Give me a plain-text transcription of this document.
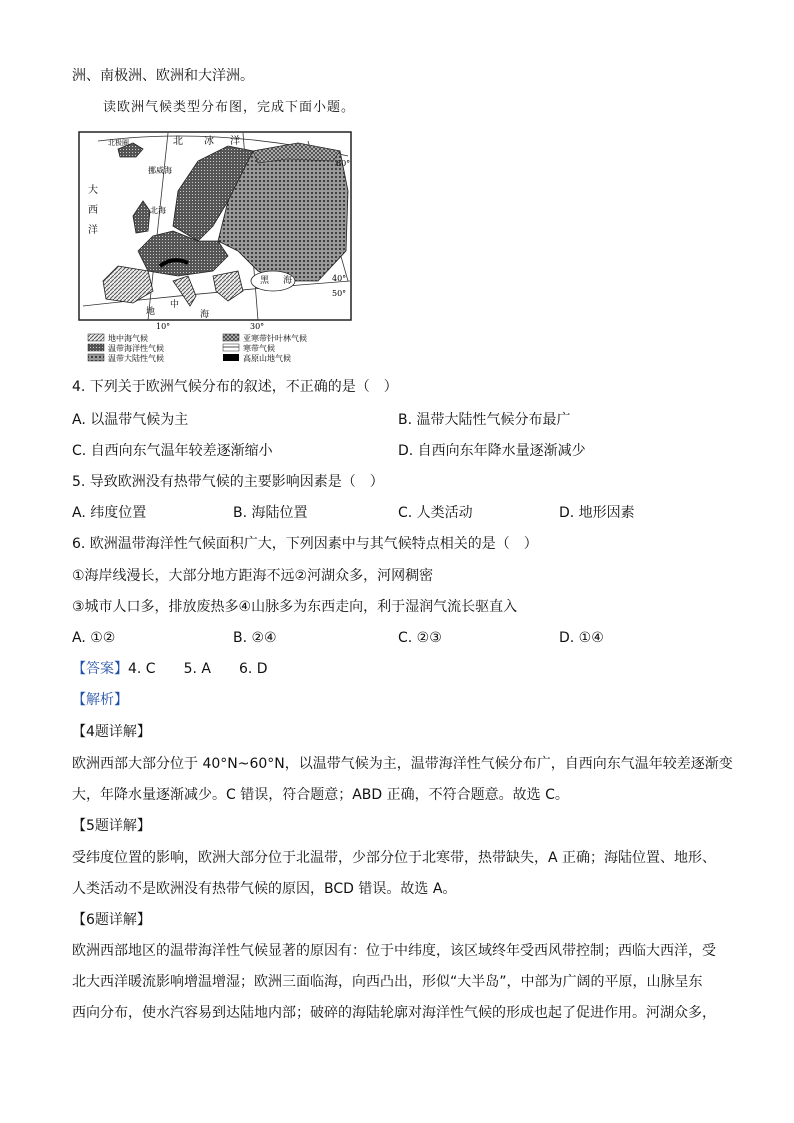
洲、南极洲、欧洲和大洋洲。
读欧洲气候类型分布图，完成下面小题。
北 冰 洋
北极圈
挪威海
大
西
洋
北海
黑 海
地
中
海
60°
40°
50°
10°	30°
地中海气候
温带海洋性气候
温带大陆性气候
亚寒带针叶林气候
寒带气候
高原山地气候
4. 下列关于欧洲气候分布的叙述，不正确的是（　）
A. 以温带气候为主	B. 温带大陆性气候分布最广
C. 自西向东气温年较差逐渐缩小	D. 自西向东年降水量逐渐减少
5. 导致欧洲没有热带气候的主要影响因素是（　）
A. 纬度位置	B. 海陆位置	C. 人类活动	D. 地形因素
6. 欧洲温带海洋性气候面积广大，下列因素中与其气候特点相关的是（　）
①海岸线漫长，大部分地方距海不远②河湖众多，河网稠密
③城市人口多，排放废热多④山脉多为东西走向，利于湿润气流长驱直入
A. ①②	B. ②④	C. ②③	D. ①④
【答案】4. C　　5. A　　6. D
【解析】
【4题详解】
欧洲西部大部分位于 40°N~60°N，以温带气候为主，温带海洋性气候分布广，自西向东气温年较差逐渐变
大，年降水量逐渐减少。C 错误，符合题意；ABD 正确，不符合题意。故选 C。
【5题详解】
受纬度位置的影响，欧洲大部分位于北温带，少部分位于北寒带，热带缺失，A 正确；海陆位置、地形、
人类活动不是欧洲没有热带气候的原因，BCD 错误。故选 A。
【6题详解】
欧洲西部地区的温带海洋性气候显著的原因有：位于中纬度，该区域终年受西风带控制；西临大西洋，受
北大西洋暖流影响增温增湿；欧洲三面临海，向西凸出，形似“大半岛”，中部为广阔的平原，山脉呈东
西向分布，使水汽容易到达陆地内部；破碎的海陆轮廓对海洋性气候的形成也起了促进作用。河湖众多，
